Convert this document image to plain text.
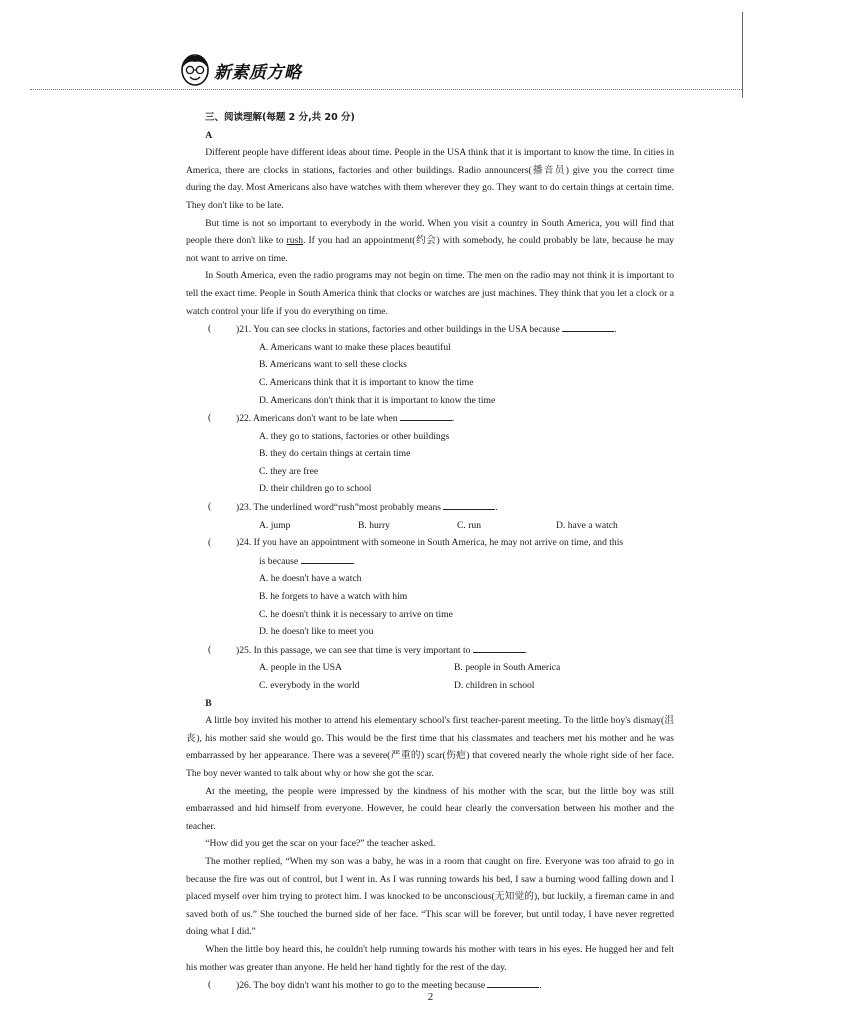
新素质方略

三、阅读理解(每题 2 分,共 20 分)

A

Different people have different ideas about time. People in the USA think that it is important to know the time. In cities in America, there are clocks in stations, factories and other buildings. Radio announcers(播音员) give you the correct time during the day. Most Americans also have watches with them wherever they go. They want to do certain things at certain time. They don't like to be late.

But time is not so important to everybody in the world. When you visit a country in South America, you will find that people there don't like to rush. If you had an appointment(约会) with somebody, he could probably be late, because he may not want to arrive on time.

In South America, even the radio programs may not begin on time. The men on the radio may not think it is important to tell the exact time. People in South America think that clocks or watches are just machines. They think that you let a clock or a watch control your life if you do everything on time.

(	)21. You can see clocks in stations, factories and other buildings in the USA because	.
A. Americans want to make these places beautiful
B. Americans want to sell these clocks
C. Americans think that it is important to know the time
D. Americans don't think that it is important to know the time
(	)22. Americans don't want to be late when	.
A. they go to stations, factories or other buildings
B. they do certain things at certain time
C. they are free
D. their children go to school
(	)23. The underlined word“rush”most probably means	.
A. jump	B. hurry	C. run	D. have a watch
(	)24. If you have an appointment with someone in South America, he may not arrive on time, and this
is because	.
A. he doesn't have a watch
B. he forgets to have a watch with him
C. he doesn't think it is necessary to arrive on time
D. he doesn't like to meet you
(	)25. In this passage, we can see that time is very important to	.
A. people in the USA	B. people in South America
C. everybody in the world	D. children in school

B

A little boy invited his mother to attend his elementary school's first teacher-parent meeting. To the little boy's dismay(沮丧), his mother said she would go. This would be the first time that his classmates and teachers met his mother and he was embarrassed by her appearance. There was a severe(严重的) scar(伤疤) that covered nearly the whole right side of her face. The boy never wanted to talk about why or how she got the scar.

At the meeting, the people were impressed by the kindness of his mother with the scar, but the little boy was still embarrassed and hid himself from everyone. However, he could hear clearly the conversation between his mother and the teacher.

“How did you get the scar on your face?” the teacher asked.

The mother replied, “When my son was a baby, he was in a room that caught on fire. Everyone was too afraid to go in because the fire was out of control, but I went in. As I was running towards his bed, I saw a burning wood falling down and I placed myself over him trying to protect him. I was knocked to be unconscious(无知觉的), but luckily, a fireman came in and saved both of us.” She touched the burned side of her face. “This scar will be forever, but until today, I have never regretted doing what I did.”

When the little boy heard this, he couldn't help running towards his mother with tears in his eyes. He hugged her and felt his mother was greater than anyone. He held her hand tightly for the rest of the day.

(	)26. The boy didn't want his mother to go to the meeting because	.
2
